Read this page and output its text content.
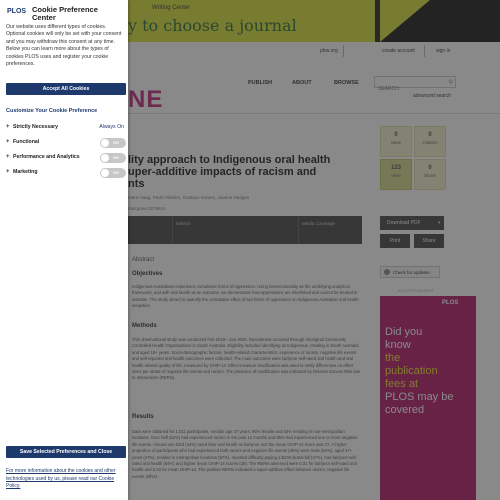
SEARCH
PLOS Cookie Preference Center
Our website uses different types of cookies. Optional cookies will only be set with your consent and you may withdraw this consent at any time. Below you can learn more about the types of cookies PLOS uses and register your cookie preferences.
Accept All Cookies
Customize Your Cookie Preference
+ Strictly Necessary	Always On
+ Functional	Off
+ Performance and Analytics	Off
+ Marketing	Off
Save Selected Preferences and Close
For more information about the cookies and other technologies used by us, please read our Cookie Policy.
